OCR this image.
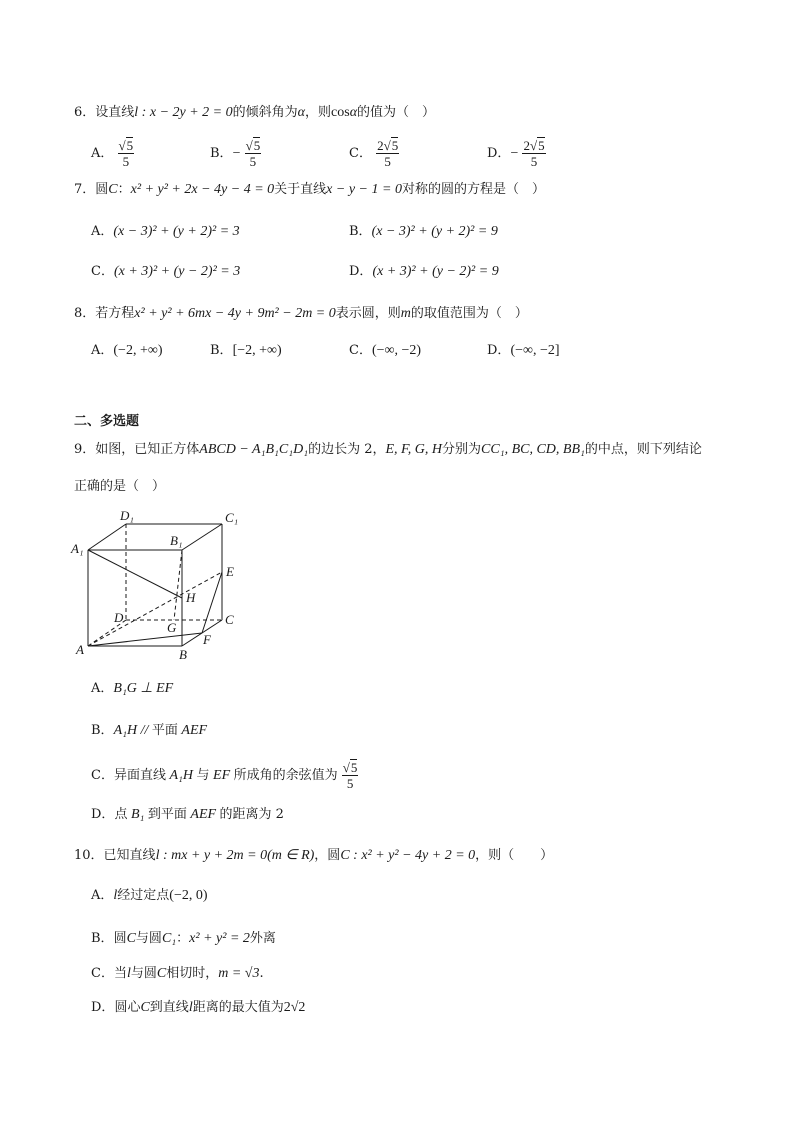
6．设直线l : x − 2y + 2 = 0的倾斜角为α，则cosα的值为（　）
A． $\frac{√5}{5}$	B．− $\frac{√5}{5}$	C． $\frac{2√5}{5}$	D．− $\frac{2√5}{5}$
7．圆C：x² + y² + 2x − 4y − 4 = 0关于直线x − y − 1 = 0对称的圆的方程是（　）
A．(x − 3)² + (y + 2)² = 3	B．(x − 3)² + (y + 2)² = 9
C．(x + 3)² + (y − 2)² = 3	D．(x + 3)² + (y − 2)² = 9
8．若方程x² + y² + 6mx − 4y + 9m² − 2m = 0表示圆，则m的取值范围为（　）
A．(−2, +∞)	B．[−2, +∞)	C．(−∞, −2)	D．(−∞, −2]
二、多选题
9．如图，已知正方体ABCD − A₁B₁C₁D₁的边长为 2，E, F, G, H分别为CC₁, BC, CD, BB₁的中点，则下列结论
正确的是（　）
D₁	C₁
A₁
B₁
E
H
D
G
C
A
F
B
A．B₁G ⊥ EF
B．A₁H // 平面 AEF
C．异面直线 A₁H 与 EF 所成角的余弦值为 $\frac{√5}{5}$
D．点 B₁ 到平面 AEF 的距离为 2
10．已知直线l : mx + y + 2m = 0(m ∈ R)，圆C : x² + y² − 4y + 2 = 0，则（　　）
A．l经过定点(−2, 0)
B．圆C与圆C₁：x² + y² = 2外离
C．当l与圆C相切时，m = √3.
D．圆心C到直线l距离的最大值为2√2
